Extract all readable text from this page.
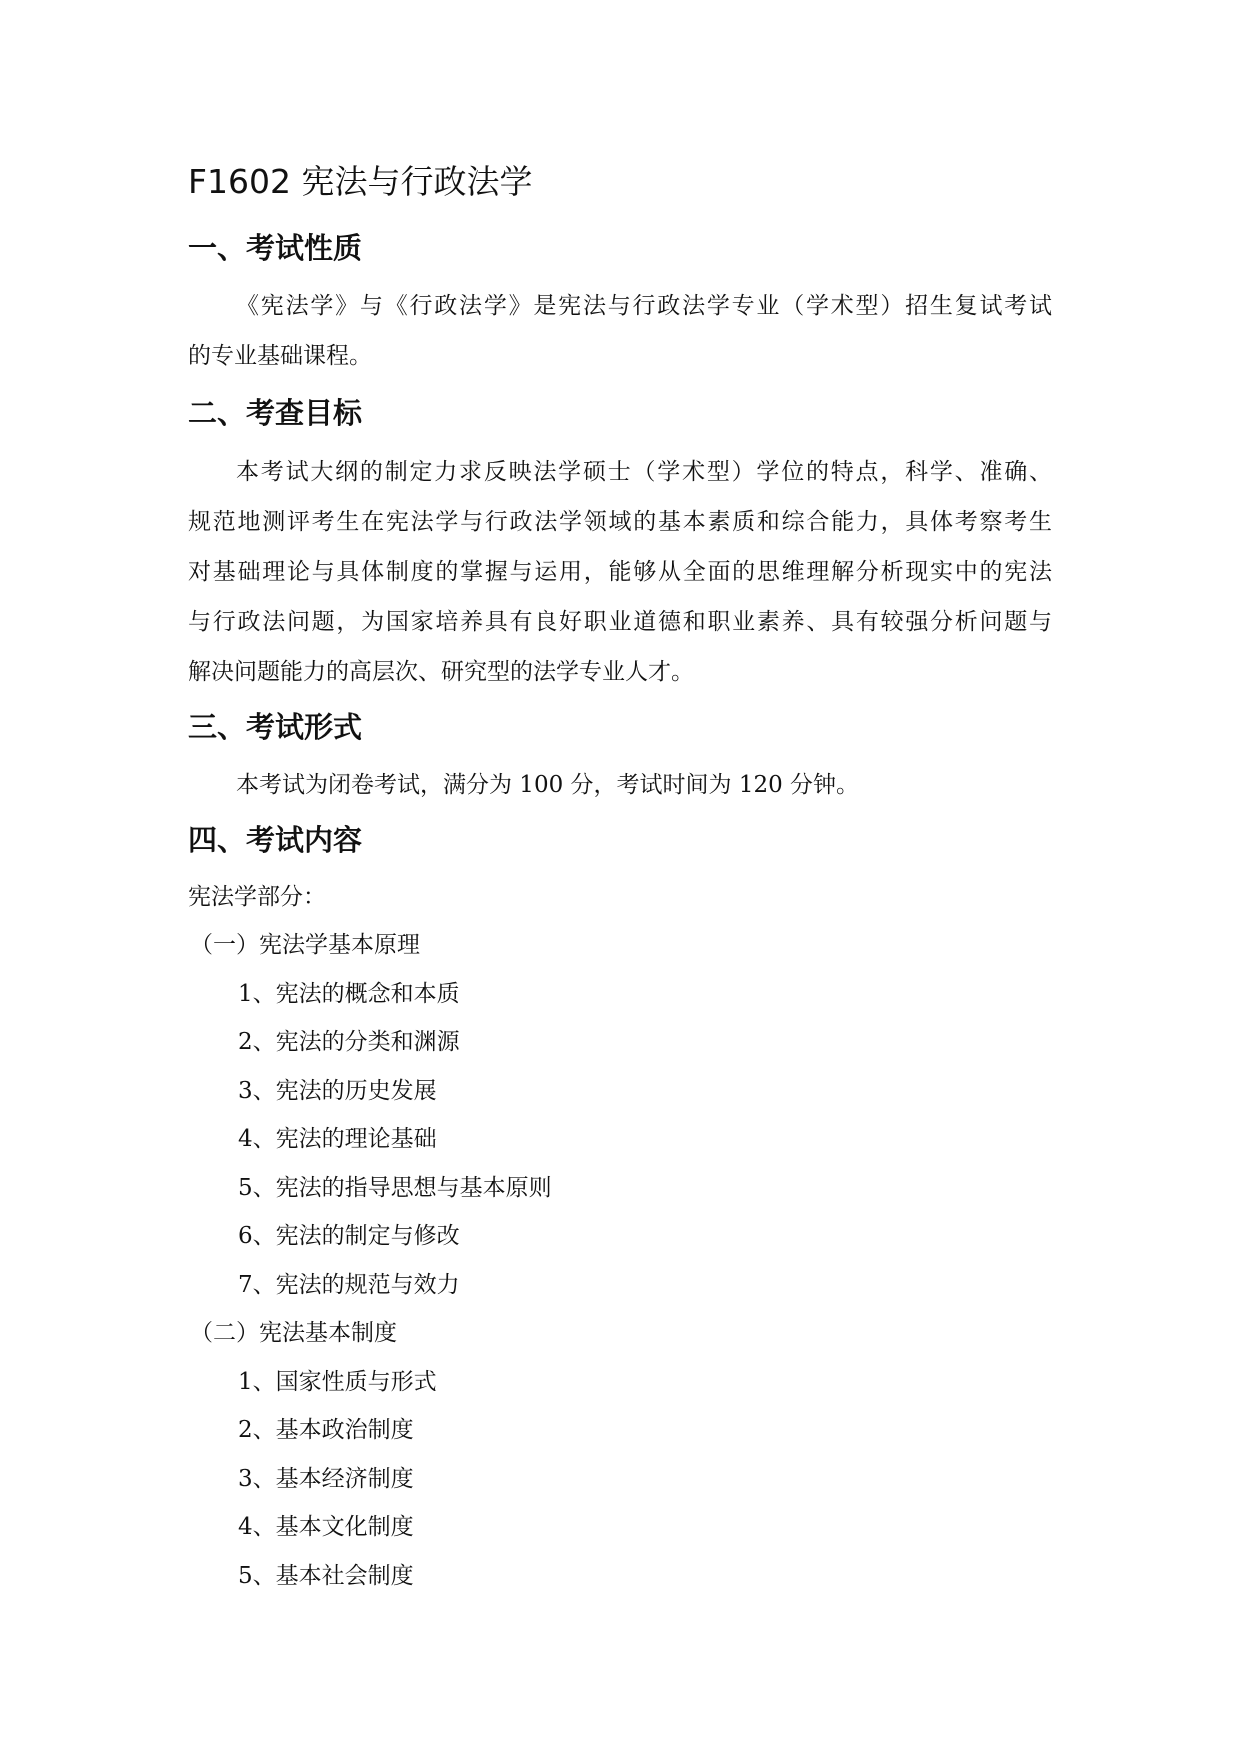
F1602 宪法与行政法学
一、考试性质
《宪法学》与《行政法学》是宪法与行政法学专业（学术型）招生复试考试
的专业基础课程。
二、考查目标
本考试大纲的制定力求反映法学硕士（学术型）学位的特点，科学、准确、
规范地测评考生在宪法学与行政法学领域的基本素质和综合能力，具体考察考生
对基础理论与具体制度的掌握与运用，能够从全面的思维理解分析现实中的宪法
与行政法问题，为国家培养具有良好职业道德和职业素养、具有较强分析问题与
解决问题能力的高层次、研究型的法学专业人才。
三、考试形式
本考试为闭卷考试，满分为 100 分，考试时间为 120 分钟。
四、考试内容
宪法学部分：
（一）宪法学基本原理
1、宪法的概念和本质
2、宪法的分类和渊源
3、宪法的历史发展
4、宪法的理论基础
5、宪法的指导思想与基本原则
6、宪法的制定与修改
7、宪法的规范与效力
（二）宪法基本制度
1、国家性质与形式
2、基本政治制度
3、基本经济制度
4、基本文化制度
5、基本社会制度
